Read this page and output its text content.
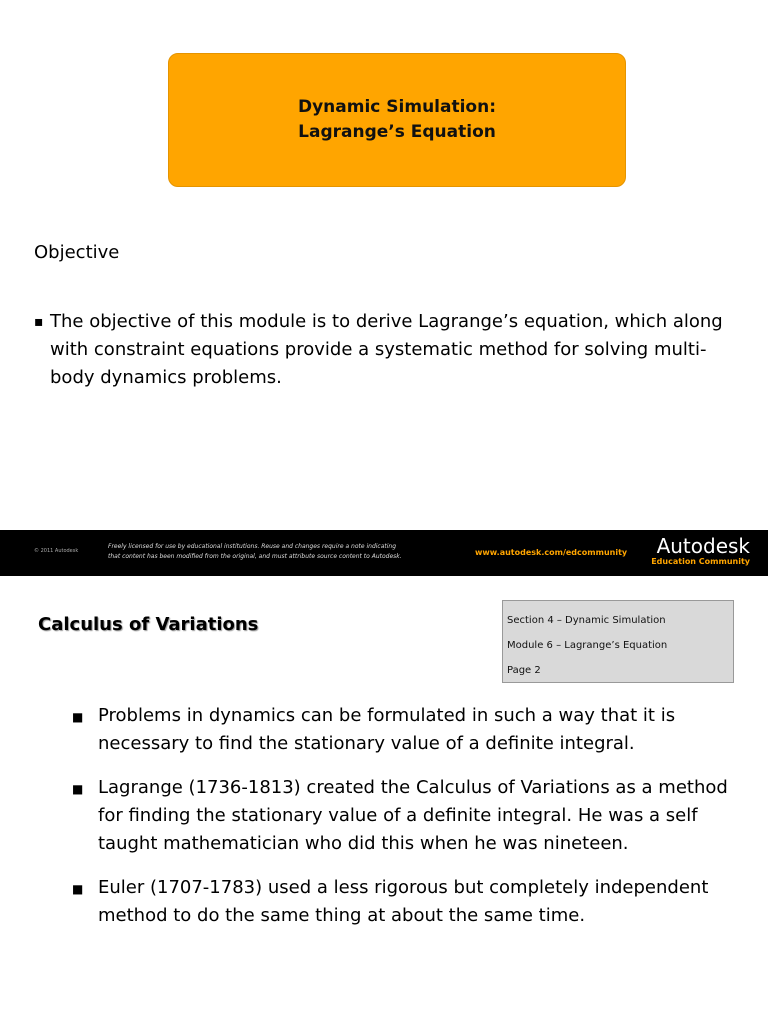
Dynamic Simulation:
Lagrange’s Equation
Objective
▪ The objective of this module is to derive Lagrange’s equation, which along with constraint equations provide a systematic method for solving multi-body dynamics problems.
© 2011 Autodesk
Freely licensed for use by educational institutions. Reuse and changes require a note indicating
that content has been modified from the original, and must attribute source content to Autodesk.	www.autodesk.com/edcommunity	Autodesk
Education Community
Calculus of Variations	Section 4 – Dynamic Simulation
Module 6 – Lagrange’s Equation
Page 2
■ Problems in dynamics can be formulated in such a way that it is necessary to find the stationary value of a definite integral.
■ Lagrange (1736-1813) created the Calculus of Variations as a method for finding the stationary value of a definite integral. He was a self taught mathematician who did this when he was nineteen.
■ Euler (1707-1783) used a less rigorous but completely independent method to do the same thing at about the same time.
